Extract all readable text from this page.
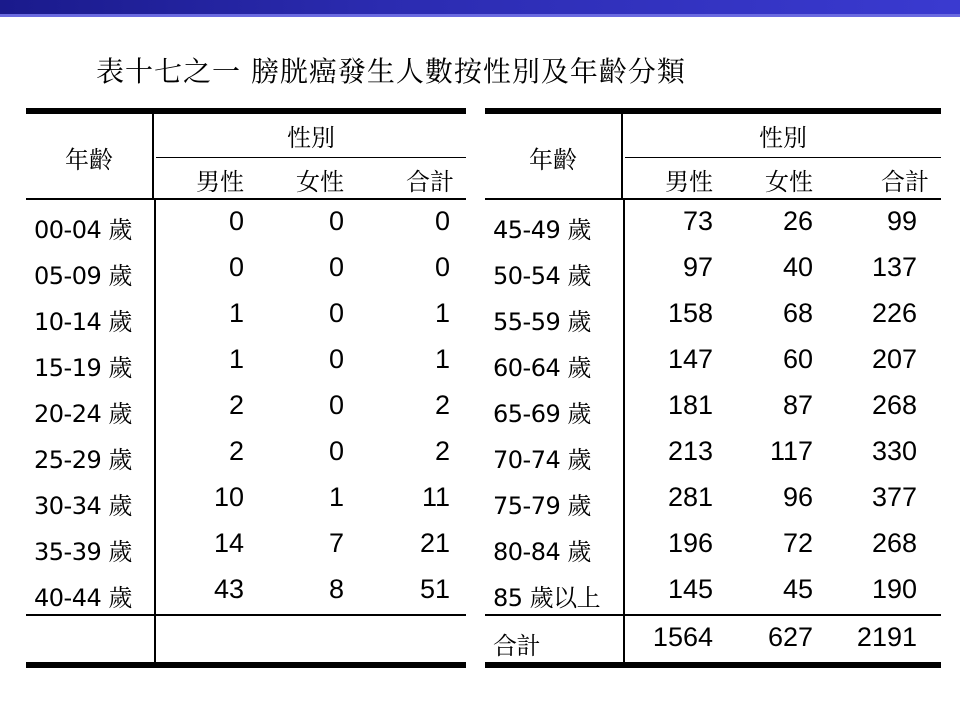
表十七之一 膀胱癌發生人數按性別及年齡分類
年齡
性別
男性	女性	合計
00-04 歲	0	0	0
05-09 歲	0	0	0
10-14 歲	1	0	1
15-19 歲	1	0	1
20-24 歲	2	0	2
25-29 歲	2	0	2
30-34 歲	10	1	11
35-39 歲	14	7	21
40-44 歲	43	8	51
年齡
性別
男性	女性	合計
45-49 歲	73	26	99
50-54 歲	97	40	137
55-59 歲	158	68	226
60-64 歲	147	60	207
65-69 歲	181	87	268
70-74 歲	213	117	330
75-79 歲	281	96	377
80-84 歲	196	72	268
85 歲以上	145	45	190
合計	1564	627	2191
